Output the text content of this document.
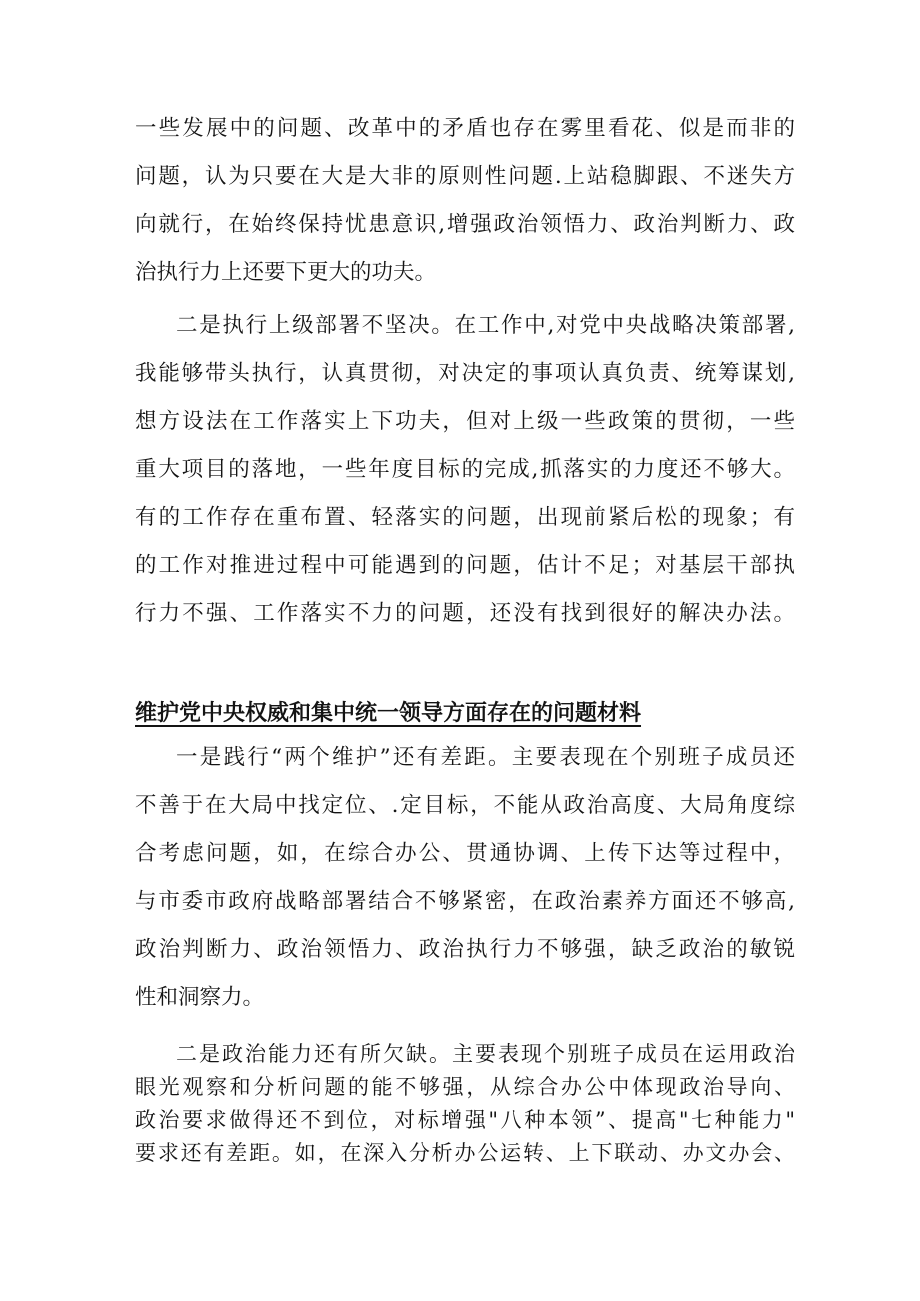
一些发展中的问题、改革中的矛盾也存在雾里看花、似是而非的
问题，认为只要在大是大非的原则性问题.上站稳脚跟、不迷失方
向就行，在始终保持忧患意识,增强政治领悟力、政治判断力、政
治执行力上还要下更大的功夫。
二是执行上级部署不坚决。在工作中,对党中央战略决策部署,
我能够带头执行，认真贯彻，对决定的事项认真负责、统筹谋划,
想方设法在工作落实上下功夫，但对上级一些政策的贯彻，一些
重大项目的落地，一些年度目标的完成,抓落实的力度还不够大。
有的工作存在重布置、轻落实的问题，出现前紧后松的现象；有
的工作对推进过程中可能遇到的问题，估计不足；对基层干部执
行力不强、工作落实不力的问题，还没有找到很好的解决办法。
维护党中央权威和集中统一领导方面存在的问题材料
一是践行“两个维护”还有差距。主要表现在个别班子成员还
不善于在大局中找定位、.定目标，不能从政治高度、大局角度综
合考虑问题，如，在综合办公、贯通协调、上传下达等过程中，
与市委市政府战略部署结合不够紧密，在政治素养方面还不够高,
政治判断力、政治领悟力、政治执行力不够强，缺乏政治的敏锐
性和洞察力。
二是政治能力还有所欠缺。主要表现个别班子成员在运用政治
眼光观察和分析问题的能不够强，从综合办公中体现政治导向、
政治要求做得还不到位，对标增强"八种本领”、提高"七种能力"
要求还有差距。如，在深入分析办公运转、上下联动、办文办会、
